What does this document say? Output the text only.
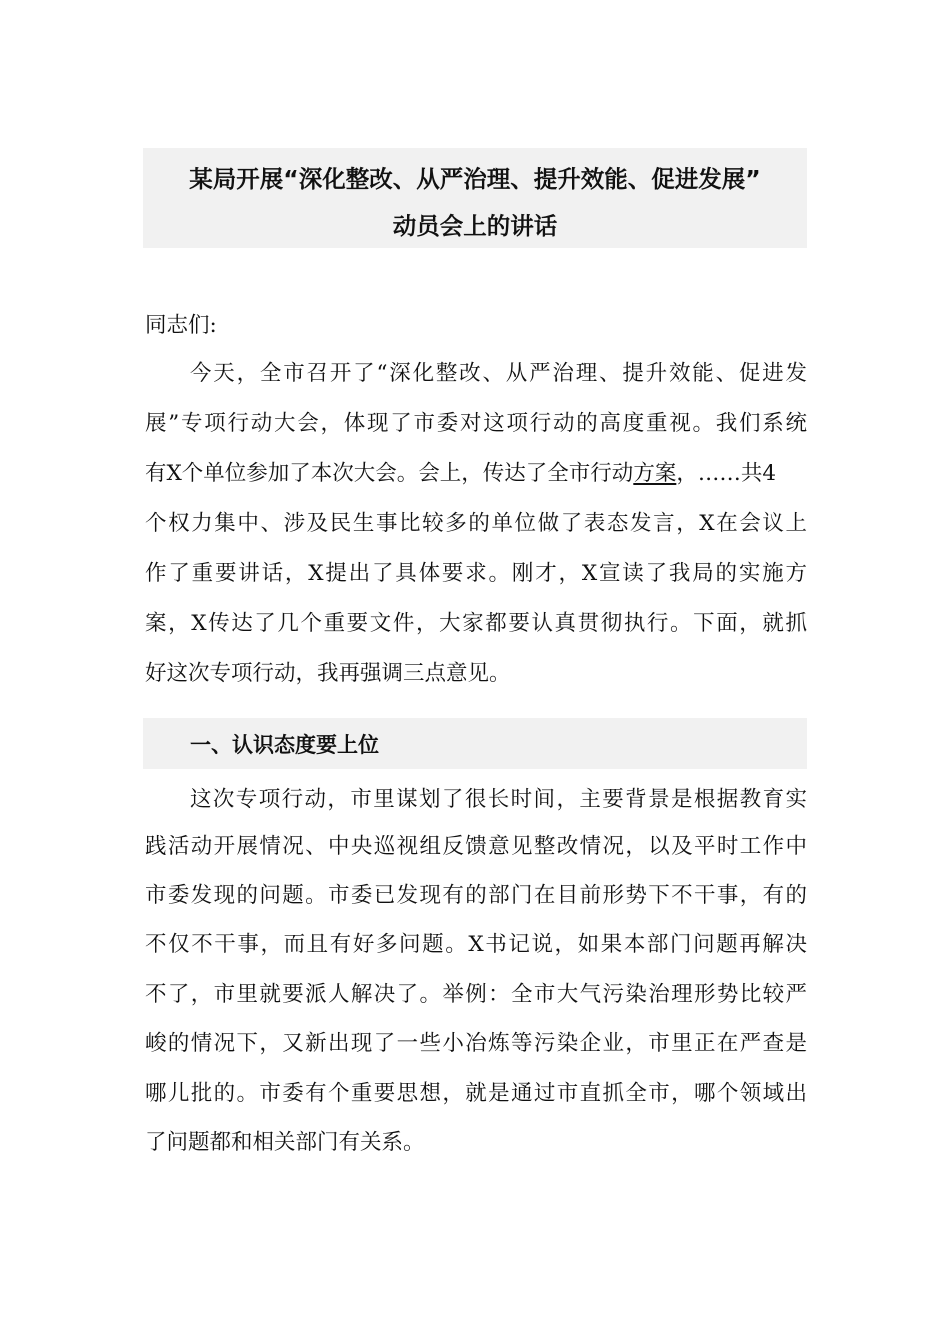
某局开展“深化整改、从严治理、提升效能、促进发展”
动员会上的讲话
同志们:
今天，全市召开了“深化整改、从严治理、提升效能、促进发
展”专项行动大会，体现了市委对这项行动的高度重视。我们系统
有X个单位参加了本次大会。会上，传达了全市行动方案，……共4
个权力集中、涉及民生事比较多的单位做了表态发言，X在会议上
作了重要讲话，X提出了具体要求。刚才，X宣读了我局的实施方
案，X传达了几个重要文件，大家都要认真贯彻执行。下面，就抓
好这次专项行动，我再强调三点意见。
一、认识态度要上位
这次专项行动，市里谋划了很长时间，主要背景是根据教育实
践活动开展情况、中央巡视组反馈意见整改情况，以及平时工作中
市委发现的问题。市委已发现有的部门在目前形势下不干事，有的
不仅不干事，而且有好多问题。X书记说，如果本部门问题再解决
不了，市里就要派人解决了。举例：全市大气污染治理形势比较严
峻的情况下，又新出现了一些小冶炼等污染企业，市里正在严查是
哪儿批的。市委有个重要思想，就是通过市直抓全市，哪个领域出
了问题都和相关部门有关系。
